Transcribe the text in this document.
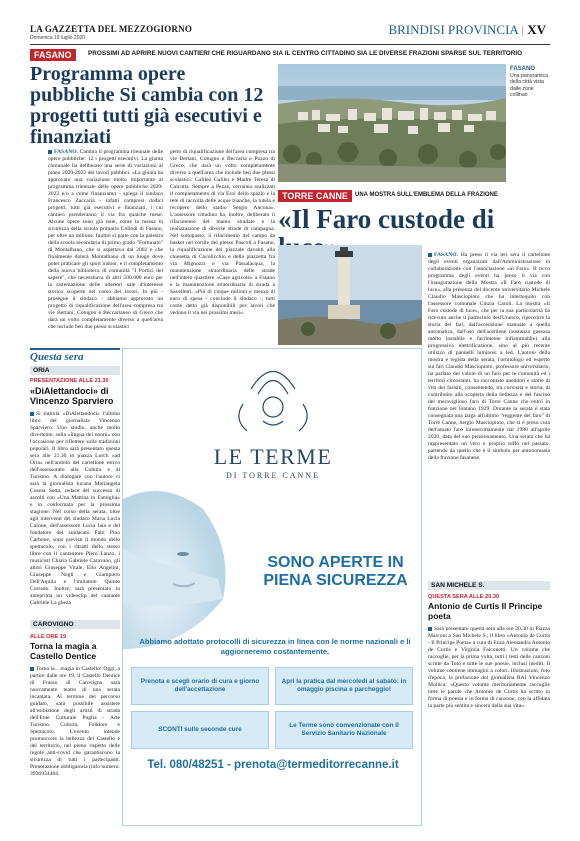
LA GAZZETTA DEL MEZZOGIORNO
Domenica 19 luglio 2020
BRINDISI PROVINCIA | XV
FASANO	PROSSIMI AD APRIRE NUOVI CANTIERI CHE RIGUARDANO SIA IL CENTRO CITTADINO SIA LE DIVERSE FRAZIONI SPARSE SUL TERRITORIO
Programma opere pubbliche Si cambia con 12 progetti tutti già esecutivi e finanziati
FASANO. Cambia il programma triennale delle opere pubbliche: 12 i progetti esecutivi. La giunta comunale ha deliberato una serie di variazioni al piano 2020-2022 dei lavori pubblici. «La giunta ha approvato una variazione molto importante al programma triennale delle opere pubbliche 2020-2022 e/o a come finanziamo - spiega il sindaco Francesco Zaccaria - infatti compresi dodici progetti, tutti già esecutivi e finanziati, i cui cantieri prenderanno il via fra qualche mese. Alcune opere sono già note, come la messa in sicurezza della scuola primaria Collodi di Fasano, per oltre un milione. Inoltre si parte con la palestra della scuola secondaria di primo grado "Fortunato" di Montalbano, che si aspettava dal 2002 e che finalmente doterà Montalbano di un luogo dove poter praticare gli sport indoor, e il completamento della nuova biblioteca di comunità "I Portici del sapere", che necessitava di altri 500.000 euro per la sistemazione delle ulteriori sale d'interesse storico scoperte nel corso dei lavori. In più - prosegue il sindaco - abbiamo approvato un progetto di riqualificazione dell'area compresa tra vie Bertani, Cotugno e Beccarianeo di Greco che darà un volto completamente diverso a quell'area che include ben due plessi scolastici
getto di riqualificazione dell'area compresa tra vie Bertani, Cotugno e Beccaria e Pozzo di Greco, che darà un volto completamente diverso a quell'area che include ben due plessi scolastici: Galileo Galilei e Madre Teresa di Calcutta. Sempre a Pezze, verranno realizzati il completamento di via Eroi dello spazio e la rete di raccolta delle acque bianche, la tutela e recupero dello stadio Sergio Ancona». L'assessore cittadino ha, inoltre, deliberato il rifacimento del manto stradale e la realizzazione di diverse strade di campagna. Nel sottopasso, il rifacimento del campo da basket nel cortile del plesso Pascoli a Fasano, la riqualificazione del piazzale davanti alla chiesetta di Cocolicchio e della piazzetta fra via Mignozzi e via Passalacqua, la manutenzione straordinaria delle strade nell'intero quartiere «Case agricole» a Fasano e la manutenzione straordinaria di strada a Savelletri. «Più di cinque milioni e mezzo di euro di spesa - conclude il sindaco -, tutti come detto già disponibili per lavori che vedono il via nei prossimi mesi».
FASANO
Una panoramica della città vista dalle zone collinari
TORRE CANNE	UNA MOSTRA SULL'EMBLEMA DELLA FRAZIONE
«Il Faro custode di
FASANO. Ha preso il via ieri sera il cartellone degli eventi organizzati dall'Amministrazione in collaborazione con l'associazione «al Faro». Il ricco programma degli eventi ha preso il via con l'inaugurazione della Mostra «Il Faro custode di luce», alla presenza del docente universitario Michele Claudio Masciopinto che ha interloquito con l'assessore comunale Cinzia Caroli. La mostra «Il Faro custode di luce», che per la sua particolarità ha ricevuto anche il patrocinio dell'Unesco, ripercorre la storia dei fari, dall'accensione manuale a quella automatica, dall'uso dell'acetilene (sostanza gassosa molto instabile e facilmente infiammabile) alla progressiva elettrificazione, sino al più recente utilizzo di pannelli luminosi a led. L'autore della mostra e regista della serata, l'ornitologo ed esperto sui fari Claudio Masciopinto, professore universitario, ha parlato del valore di un faro per le comunità ed i territori circostanti, ha raccontato aneddoti e storie di vita dei farisiti, consentendo, tra curiosità e storia, di contribuire alla scoperta della bellezza e del fascino del meraviglioso faro di Torre Canne che entrò in funzione nel lontano 1929. Durante la serata è stata consegnata una targa all'ultimo "reggente del faro" di Torre Canne, Sergio Masciopinto, che si è preso cura dell'amato faro ininterrottamente dal 1980 all'aprile 2020, data del suo pensionamento. Una serata che ha rappresentato un vero e proprio tuffo nel passato, partendo da quello che è il simbolo per antonomasia della frazione fasanese.
Questa sera
ORIA
PRESENTAZIONE ALLE 21.30
«DiAlettandoci» di Vincenzo Sparviero
Si intitola «DiAlettandoci» l'ultimo libro del giornalista Vincenzo Sparviero. Uno studio, anche molto divertente, sulla «lingua dei nonni» con l'occasione per riflettere sulle tradizioni popolari. Il libro sarà presentato questa sera alle 21.30 in piazza Lorch «ad Oria» nell'ambito del cartellone estivo dell'assessorato alla Cultura e al Turismo. A dialogare con l'autore ci sarà la giornalista lucana Mariangela Cosma Setta, redace del successo di ascolti con «Una Mattina in Famiglia» e in conformata per la prossima stagione. Nel corso della serata, oltre agli interventi del sindaco Maria Lucia Carone, dell'assessore Lucia Iaia e del fondatore del sindacato Fabi Pino Carbone, sono previsti il mondo dello spettacolo, con i ritratti dello stesso libro con il cantautore Piero Lanzo, i musicisti Chiara Gabriele Caravano, gli attori Giuseppe Vitale, Elio Angelini, Giuseppe Negli e Giampiero Dell'Aquila e l'imitatore Quinto Corrado. Inoltre, sarà presentato in anteprima un videoclip del cantante Gabriele La gheza
CAROVIGNO
ALLE ORE 19
Torna la magia a Castello Dentice
Torna la... magia in Castello! Oggi, a partire dalle ore 19, il Castello Dentice di Frasso di Carovigno sarà nuovamente teatro di una serata incantata. Al termine del percorso guidato, sarà possibile assistere all'esibizione degli artisti di strada dell'Ente Culturale Puglia - Arte Turismo, Cultura, Folklore e Spettacolo. L'evento intende promuovere la bellezza del Castello e del territorio, nel pieno rispetto delle regole anti-covid che garantiscono la sicurezza di tutti i partecipanti. Prenotazione obbligatoria (info numero: 3936954484.
LE TERME
DI TORRE CANNE
SONO APERTE IN PIENA SICUREZZA
Abbiamo adottato protocolli di sicurezza in linea con le norme nazionali e li aggiorneremo costantemente.
Prenota e scegli orario di cura e giorno dell'accettazione
Apri la pratica dal mercoledì al sabato: in omaggio piscina e parcheggio!
SCONTI sulle seconde cure
Le Terme sono convenzionate con il Servizio Sanitario Nazionale
Tel. 080/48251 - prenota@termeditorrecanne.it
SAN MICHELE S.
QUESTA SERA ALLE 20.30
Antonio de Curtis Il Principe poeta
Sarà presentato questa sera alle ore 20.30 in Piazza Marconi a San Michele S., il libro «Antonio de Curtis - Il Principe Poeta» a cura di Enza Alessandra Antonio de Curtis e Virginia Falconetti. Un volume che raccoglie, per la prima volta, tutti i testi delle canzoni scritte da Totò e tutte le sue poesie, inclusi inediti. Il volume contiene immagini a colori. Illustrazioni, foto d'epoca, la prefazione del giornalista RAI Vincenzo Mollica: «Questo volume meritoriamente raccoglie tutte le parole che Antonio de Curtis ha scritto in forma di poesia e in forma di canzone, con la affidata la parte più sentita e sincera della sua vita».
